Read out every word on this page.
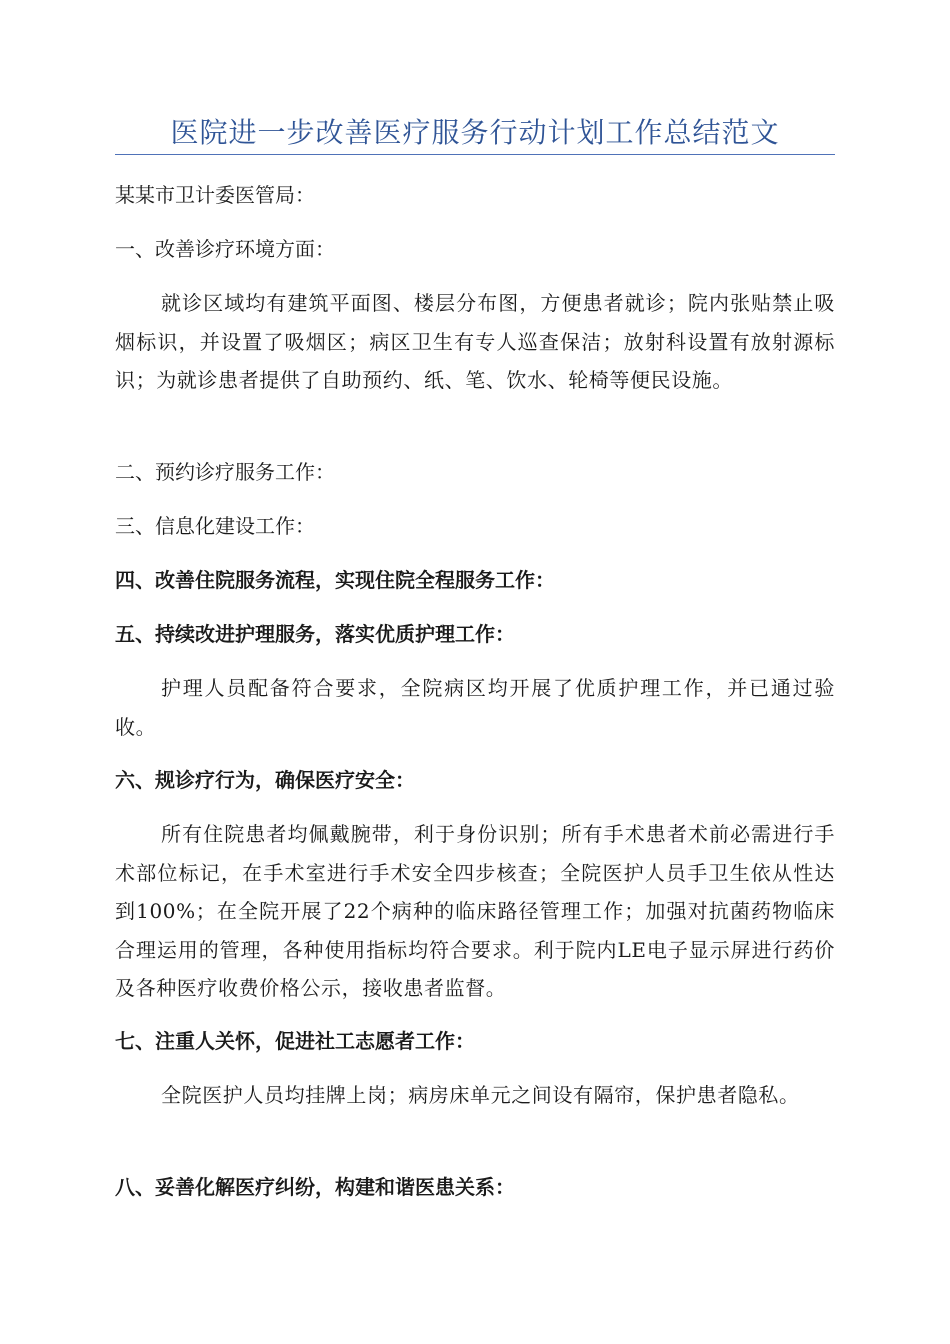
医院进一步改善医疗服务行动计划工作总结范文
某某市卫计委医管局：
一、改善诊疗环境方面：
就诊区域均有建筑平面图、楼层分布图，方便患者就诊；院内张贴禁止吸烟标识，并设置了吸烟区；病区卫生有专人巡查保洁；放射科设置有放射源标识；为就诊患者提供了自助预约、纸、笔、饮水、轮椅等便民设施。
二、预约诊疗服务工作：
三、信息化建设工作：
四、改善住院服务流程，实现住院全程服务工作：
五、持续改进护理服务，落实优质护理工作：
护理人员配备符合要求，全院病区均开展了优质护理工作，并已通过验收。
六、规诊疗行为，确保医疗安全：
所有住院患者均佩戴腕带，利于身份识别；所有手术患者术前必需进行手术部位标记，在手术室进行手术安全四步核查；全院医护人员手卫生依从性达到100%；在全院开展了22个病种的临床路径管理工作；加强对抗菌药物临床合理运用的管理，各种使用指标均符合要求。利于院内LE电子显示屏进行药价及各种医疗收费价格公示，接收患者监督。
七、注重人关怀，促进社工志愿者工作：
全院医护人员均挂牌上岗；病房床单元之间设有隔帘，保护患者隐私。
八、妥善化解医疗纠纷，构建和谐医患关系：
